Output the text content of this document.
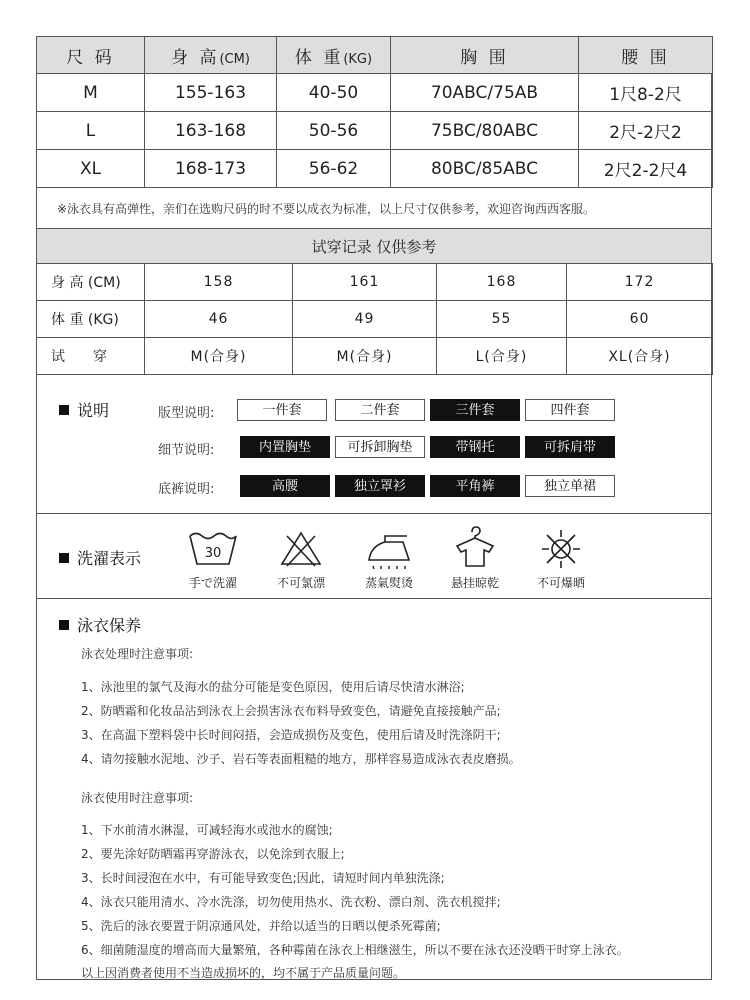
尺 码	身 高(CM)	体 重(KG)	胸 围	腰 围
M	155-163	40-50	70ABC/75AB	1尺8-2尺
L	163-168	50-56	75BC/80ABC	2尺-2尺2
XL	168-173	56-62	80BC/85ABC	2尺2-2尺4
※泳衣具有高弹性，亲们在选购尺码的时不要以成衣为标准，以上尺寸仅供参考，欢迎咨询西西客服。
试穿记录 仅供参考
身 高 (CM)	158	161	168	172
体 重 (KG)	46	49	55	60
试　　穿	M(合身)	M(合身)	L(合身)	XL(合身)
说明	版型说明:	一件套	二件套	三件套	四件套
细节说明:	内置胸垫	可拆卸胸垫	带钢托	可拆肩带
底裤说明:	高腰	独立罩衫	平角裤	独立单裙
洗濯表示	30
手で洗濯	不可氯漂	蒸氣熨烫	悬挂晾乾	不可爆晒
泳衣保养
泳衣处理时注意事项:
1、泳池里的氯气及海水的盐分可能是变色原因，使用后请尽快清水淋浴;
2、防晒霜和化妆品沾到泳衣上会损害泳衣布料导致变色，请避免直接接触产品;
3、在高温下塑料袋中长时间闷捂，会造成损伤及变色，使用后请及时洗涤阴干;
4、请勿接触水泥地、沙子、岩石等表面粗糙的地方，那样容易造成泳衣表皮磨损。
泳衣使用时注意事项:
1、下水前清水淋湿，可减轻海水或池水的腐蚀;
2、要先涂好防晒霜再穿游泳衣，以免涂到衣服上;
3、长时间浸泡在水中，有可能导致变色;因此，请短时间内单独洗涤;
4、泳衣只能用清水、冷水洗涤，切勿使用热水、洗衣粉、漂白剂、洗衣机搅拌;
5、洗后的泳衣要置于阴凉通风处，并给以适当的日晒以便杀死霉菌;
6、细菌随湿度的增高而大量繁殖，各种霉菌在泳衣上相继滋生，所以不要在泳衣还没晒干时穿上泳衣。
以上因消费者使用不当造成损坏的，均不属于产品质量问题。
